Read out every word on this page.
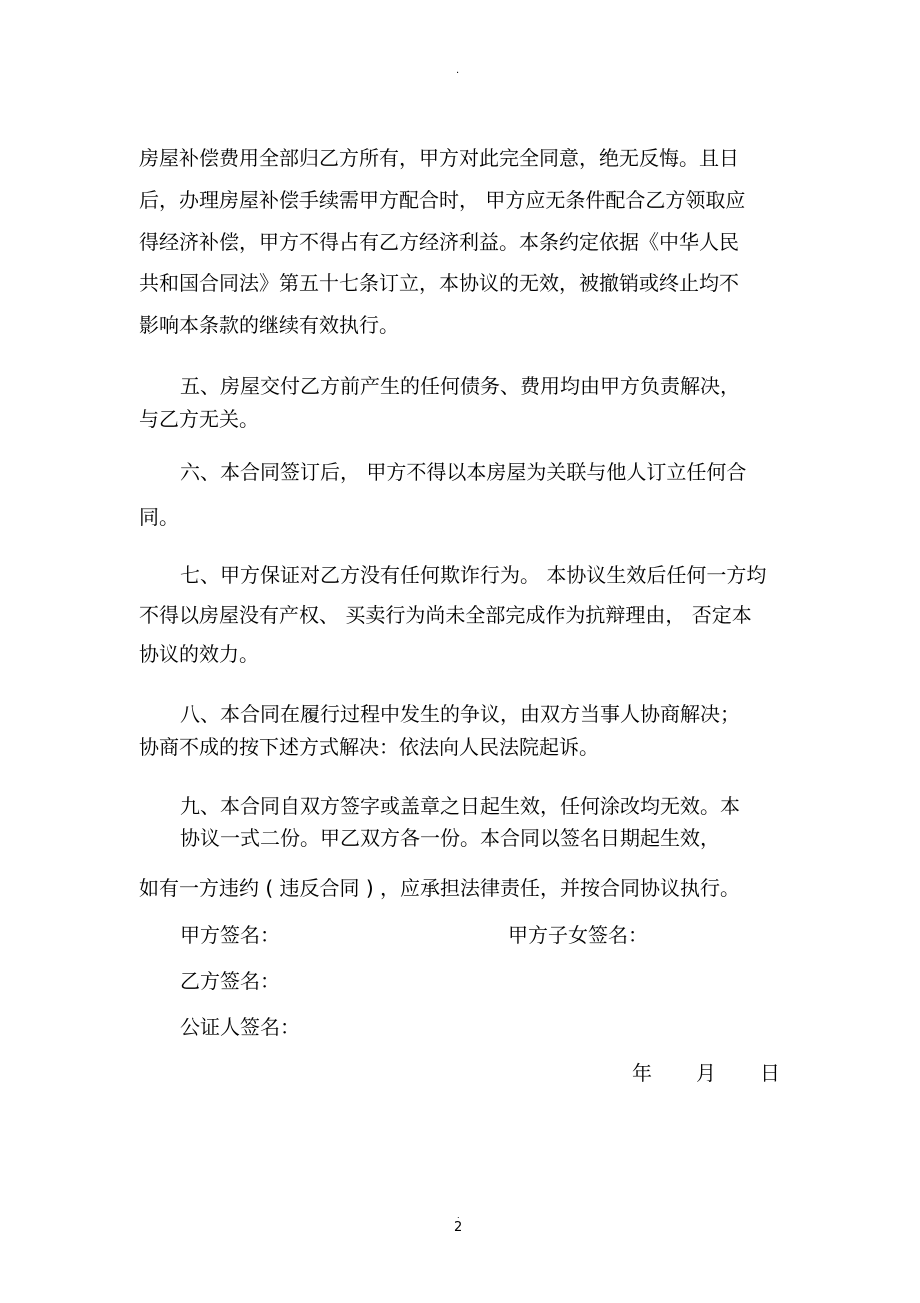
.
房屋补偿费用全部归乙方所有，甲方对此完全同意，绝无反悔。且日
后，办理房屋补偿手续需甲方配合时， 甲方应无条件配合乙方领取应
得经济补偿，甲方不得占有乙方经济利益。本条约定依据《中华人民
共和国合同法》第五十七条订立，本协议的无效，被撤销或终止均不
影响本条款的继续有效执行。
五、房屋交付乙方前产生的任何债务、费用均由甲方负责解决，
与乙方无关。
六、本合同签订后， 甲方不得以本房屋为关联与他人订立任何合
同。
七、甲方保证对乙方没有任何欺诈行为。 本协议生效后任何一方均
不得以房屋没有产权、 买卖行为尚未全部完成作为抗辩理由， 否定本
协议的效力。
八、本合同在履行过程中发生的争议，由双方当事人协商解决；
协商不成的按下述方式解决：依法向人民法院起诉。
九、本合同自双方签字或盖章之日起生效，任何涂改均无效。本
协议一式二份。甲乙双方各一份。本合同以签名日期起生效，
如有一方违约 ( 违反合同 ) ，应承担法律责任，并按合同协议执行。
甲方签名：	甲方子女签名：
乙方签名：
公证人签名：
年 月 日
.
2
